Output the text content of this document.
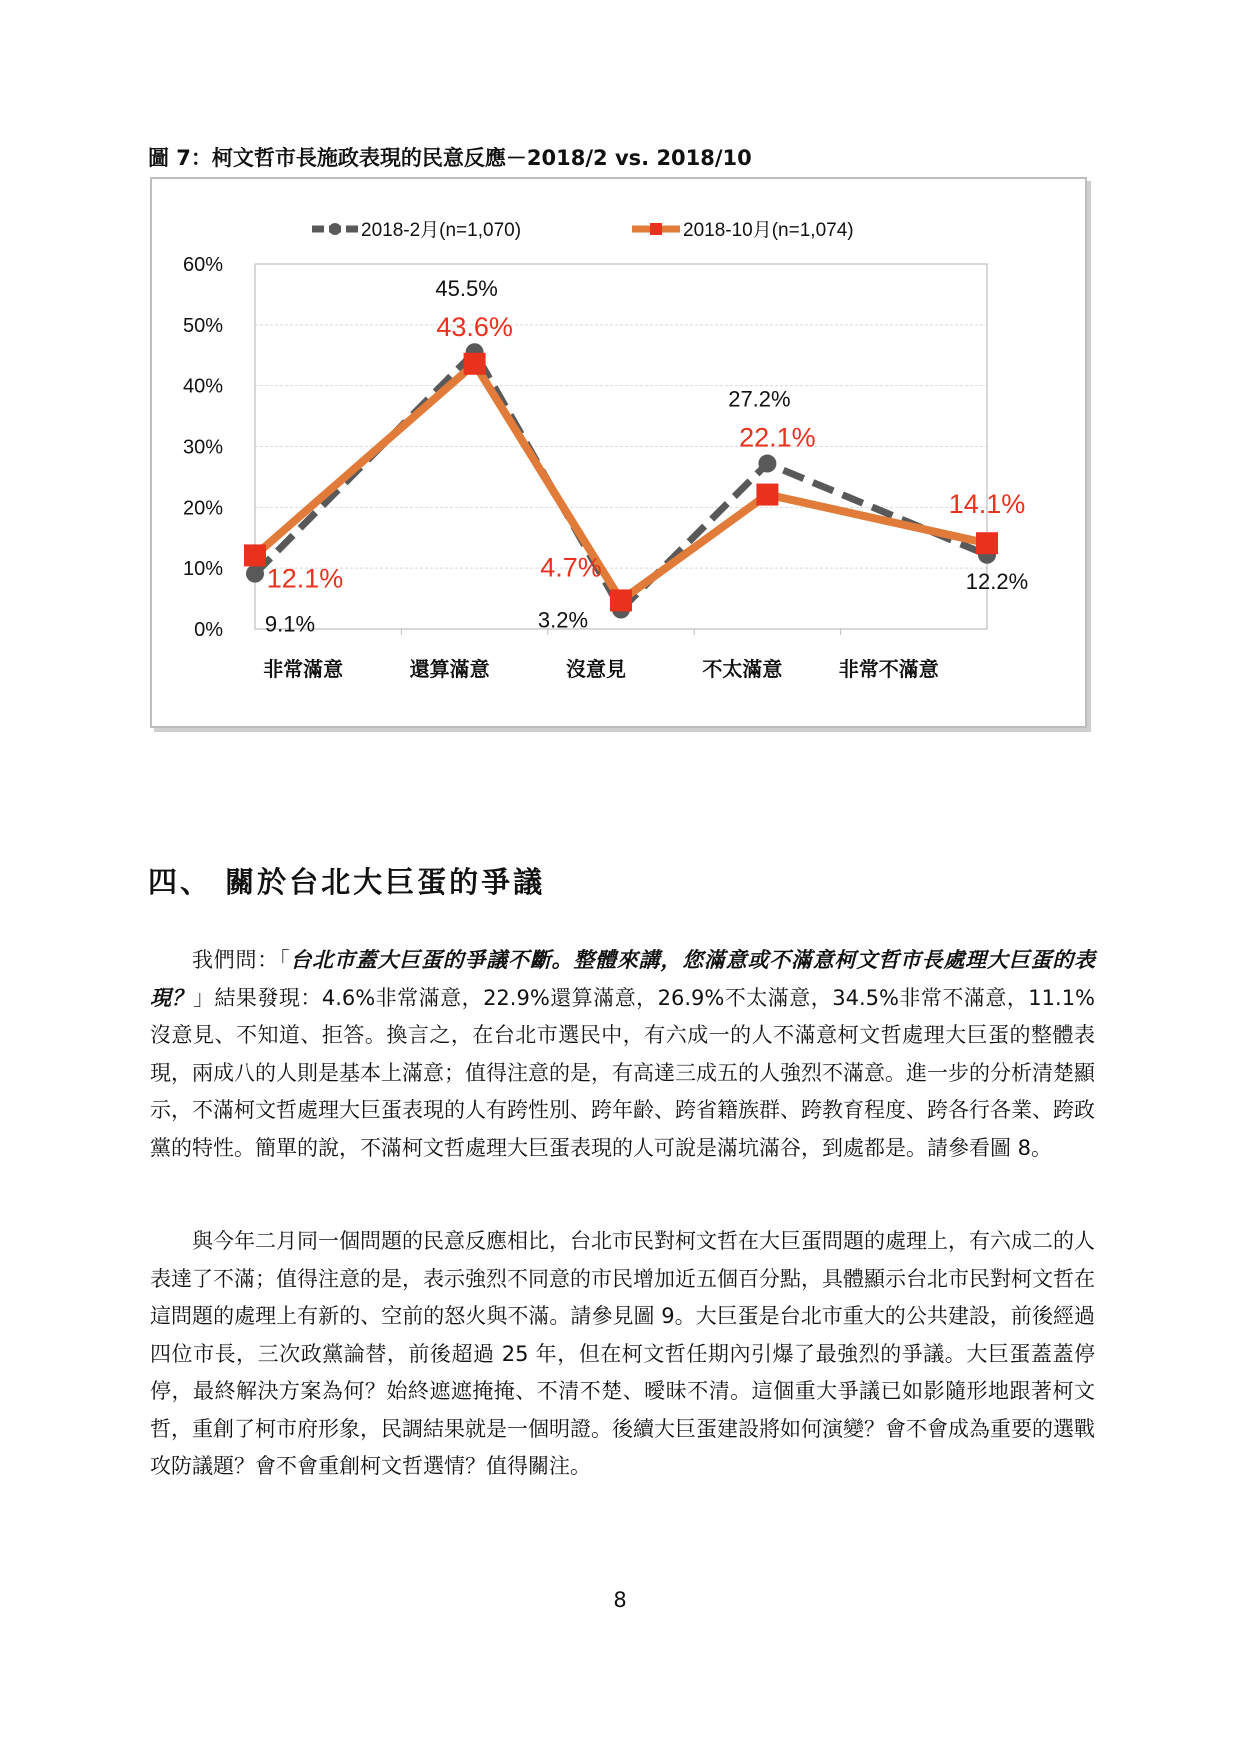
圖 7：柯文哲市長施政表現的民意反應－2018/2 vs. 2018/10
0%
10%
20%
30%
40%
50%
60%
非常滿意	還算滿意	沒意見	不太滿意	非常不滿意
2018-2月(n=1,070)	2018-10月(n=1,074)
9.1%
45.5%
3.2%
27.2%
12.2%
12.1%
43.6%
4.7%
22.1%
14.1%
四、 關於台北大巨蛋的爭議

我們問：「台北市蓋大巨蛋的爭議不斷。整體來講，您滿意或不滿意柯文哲市長處理大巨蛋的表現？」結果發現：4.6%非常滿意，22.9%還算滿意，26.9%不太滿意，34.5%非常不滿意，11.1%沒意見、不知道、拒答。換言之，在台北市選民中，有六成一的人不滿意柯文哲處理大巨蛋的整體表現，兩成八的人則是基本上滿意；值得注意的是，有高達三成五的人強烈不滿意。進一步的分析清楚顯示，不滿柯文哲處理大巨蛋表現的人有跨性別、跨年齡、跨省籍族群、跨教育程度、跨各行各業、跨政黨的特性。簡單的說，不滿柯文哲處理大巨蛋表現的人可說是滿坑滿谷，到處都是。請參看圖 8。

與今年二月同一個問題的民意反應相比，台北市民對柯文哲在大巨蛋問題的處理上，有六成二的人表達了不滿；值得注意的是，表示強烈不同意的市民增加近五個百分點，具體顯示台北市民對柯文哲在這問題的處理上有新的、空前的怒火與不滿。請參見圖 9。大巨蛋是台北市重大的公共建設，前後經過四位市長，三次政黨論替，前後超過 25 年，但在柯文哲任期內引爆了最強烈的爭議。大巨蛋蓋蓋停停，最終解決方案為何？始終遮遮掩掩、不清不楚、曖昧不清。這個重大爭議已如影隨形地跟著柯文哲，重創了柯市府形象，民調結果就是一個明證。後續大巨蛋建設將如何演變？會不會成為重要的選戰攻防議題？會不會重創柯文哲選情？值得關注。

8
